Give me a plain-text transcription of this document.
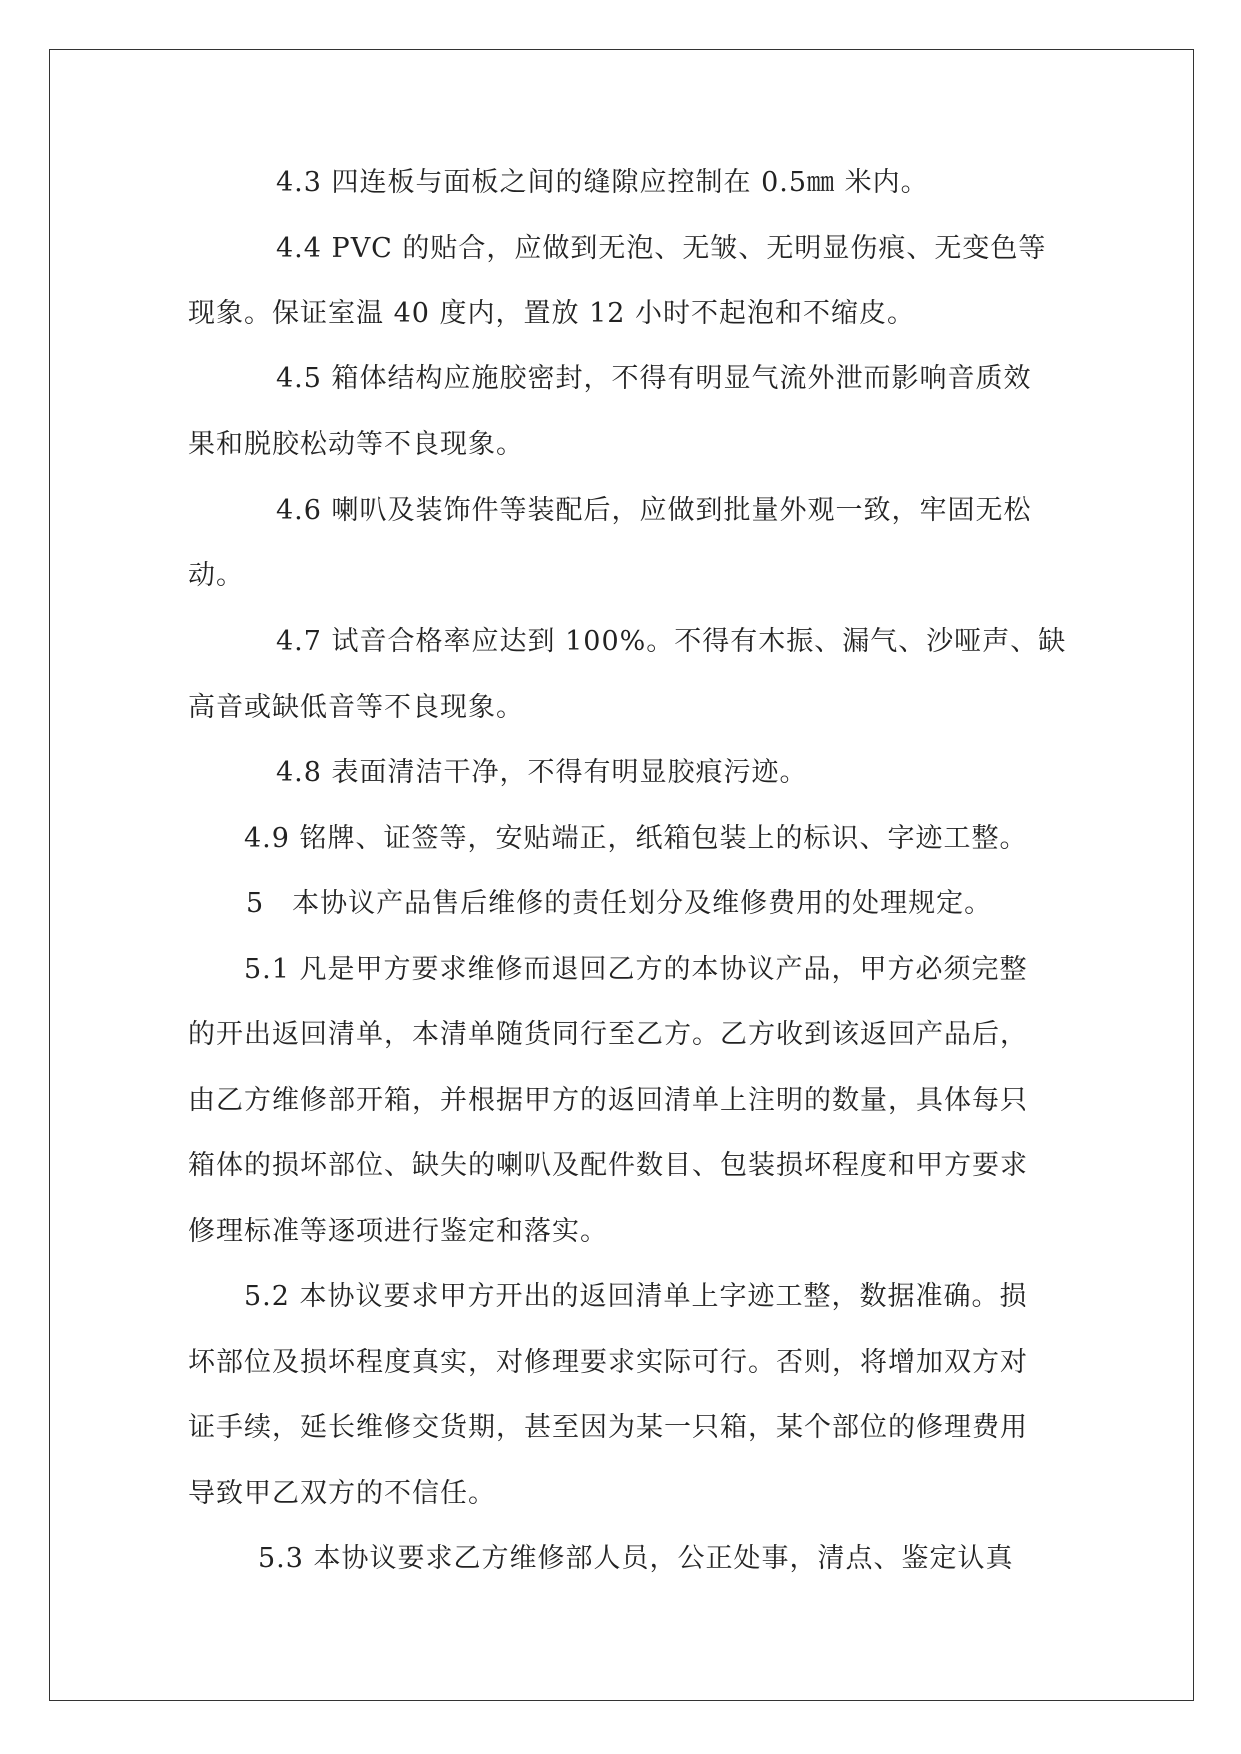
4.3 四连板与面板之间的缝隙应控制在 0.5㎜ 米内。
4.4 PVC 的贴合，应做到无泡、无皱、无明显伤痕、无变色等
现象。保证室温 40 度内，置放 12 小时不起泡和不缩皮。
4.5 箱体结构应施胶密封，不得有明显气流外泄而影响音质效
果和脱胶松动等不良现象。
4.6 喇叭及装饰件等装配后，应做到批量外观一致，牢固无松
动。
4.7 试音合格率应达到 100%。不得有木振、漏气、沙哑声、缺
高音或缺低音等不良现象。
4.8 表面清洁干净，不得有明显胶痕污迹。
4.9 铭牌、证签等，安贴端正，纸箱包装上的标识、字迹工整。
5　本协议产品售后维修的责任划分及维修费用的处理规定。
5.1 凡是甲方要求维修而退回乙方的本协议产品，甲方必须完整
的开出返回清单，本清单随货同行至乙方。乙方收到该返回产品后，
由乙方维修部开箱，并根据甲方的返回清单上注明的数量，具体每只
箱体的损坏部位、缺失的喇叭及配件数目、包装损坏程度和甲方要求
修理标准等逐项进行鉴定和落实。
5.2 本协议要求甲方开出的返回清单上字迹工整，数据准确。损
坏部位及损坏程度真实，对修理要求实际可行。否则，将增加双方对
证手续，延长维修交货期，甚至因为某一只箱，某个部位的修理费用
导致甲乙双方的不信任。
5.3 本协议要求乙方维修部人员，公正处事，清点、鉴定认真
